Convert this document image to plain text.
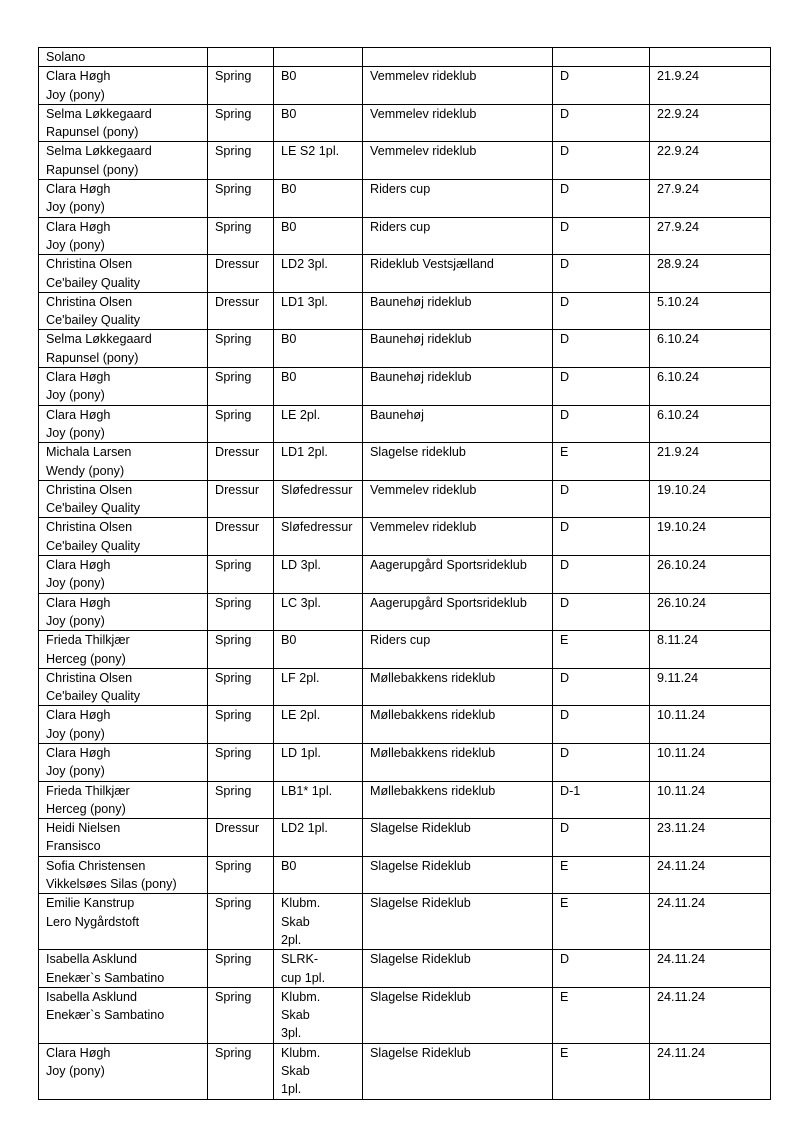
Solano					

Clara Høgh
Joy (pony)	Spring	B0	Vemmelev rideklub	D	21.9.24

Selma Løkkegaard
Rapunsel (pony)	Spring	B0	Vemmelev rideklub	D	22.9.24

Selma Løkkegaard
Rapunsel (pony)	Spring	LE S2 1pl.	Vemmelev rideklub	D	22.9.24

Clara Høgh
Joy (pony)	Spring	B0	Riders cup	D	27.9.24

Clara Høgh
Joy (pony)	Spring	B0	Riders cup	D	27.9.24

Christina Olsen
Ce'bailey Quality	Dressur	LD2 3pl.	Rideklub Vestsjælland	D	28.9.24

Christina Olsen
Ce'bailey Quality	Dressur	LD1 3pl.	Baunehøj rideklub	D	5.10.24

Selma Løkkegaard
Rapunsel (pony)	Spring	B0	Baunehøj rideklub	D	6.10.24

Clara Høgh
Joy (pony)	Spring	B0	Baunehøj rideklub	D	6.10.24

Clara Høgh
Joy (pony)	Spring	LE 2pl.	Baunehøj	D	6.10.24

Michala Larsen
Wendy (pony)	Dressur	LD1 2pl.	Slagelse rideklub	E	21.9.24

Christina Olsen
Ce'bailey Quality	Dressur	Sløfedressur	Vemmelev rideklub	D	19.10.24

Christina Olsen
Ce'bailey Quality	Dressur	Sløfedressur	Vemmelev rideklub	D	19.10.24

Clara Høgh
Joy (pony)	Spring	LD 3pl.	Aagerupgård Sportsrideklub	D	26.10.24

Clara Høgh
Joy (pony)	Spring	LC 3pl.	Aagerupgård Sportsrideklub	D	26.10.24

Frieda Thilkjær
Herceg (pony)	Spring	B0	Riders cup	E	8.11.24

Christina Olsen
Ce'bailey Quality	Spring	LF 2pl.	Møllebakkens rideklub	D	9.11.24

Clara Høgh
Joy (pony)	Spring	LE 2pl.	Møllebakkens rideklub	D	10.11.24

Clara Høgh
Joy (pony)	Spring	LD 1pl.	Møllebakkens rideklub	D	10.11.24

Frieda Thilkjær
Herceg (pony)	Spring	LB1* 1pl.	Møllebakkens rideklub	D-1	10.11.24

Heidi Nielsen
Fransisco	Dressur	LD2 1pl.	Slagelse Rideklub	D	23.11.24

Sofia Christensen
Vikkelsøes Silas (pony)	Spring	B0	Slagelse Rideklub	E	24.11.24

Emilie Kanstrup
Lero Nygårdstoft	Spring	Klubm. Skab 2pl.	Slagelse Rideklub	E	24.11.24

Isabella Asklund
Enekær`s Sambatino	Spring	SLRK-cup 1pl.	Slagelse Rideklub	D	24.11.24

Isabella Asklund
Enekær`s Sambatino	Spring	Klubm. Skab 3pl.	Slagelse Rideklub	E	24.11.24

Clara Høgh
Joy (pony)	Spring	Klubm. Skab 1pl.	Slagelse Rideklub	E	24.11.24
